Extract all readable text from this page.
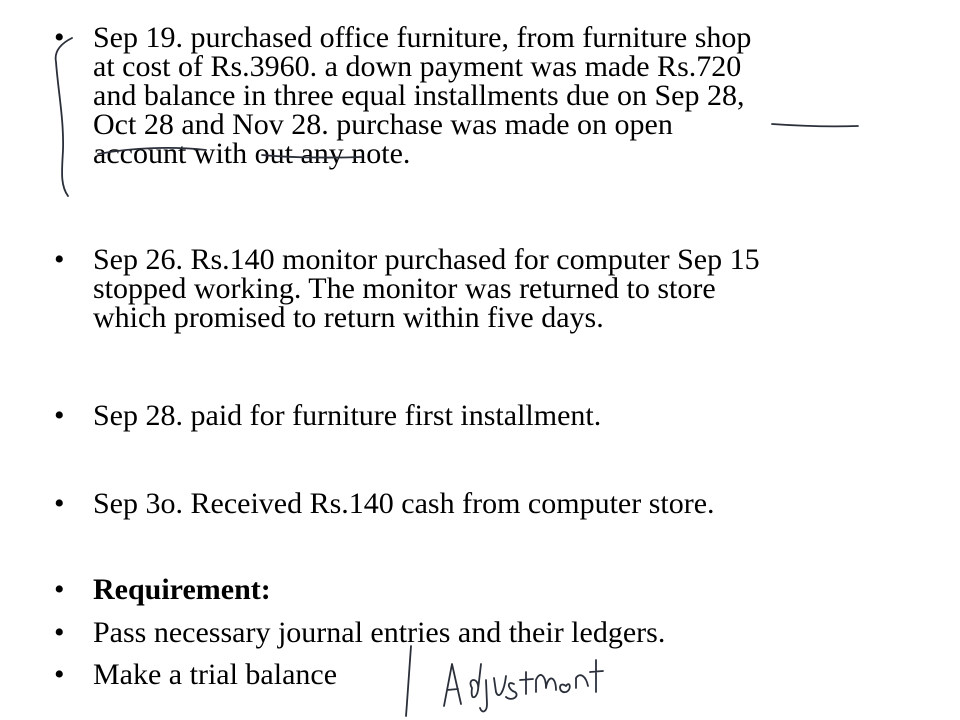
• Sep 19. purchased office furniture, from furniture shop
at cost of Rs.3960. a down payment was made Rs.720
and balance in three equal installments due on Sep 28,
Oct 28 and Nov 28. purchase was made on open
account with out any note.
• Sep 26. Rs.140 monitor purchased for computer Sep 15
stopped working. The monitor was returned to store
which promised to return within five days.
• Sep 28. paid for furniture first installment.
• Sep 3o. Received Rs.140 cash from computer store.
• Requirement:
• Pass necessary journal entries and their ledgers.
• Make a trial balance
